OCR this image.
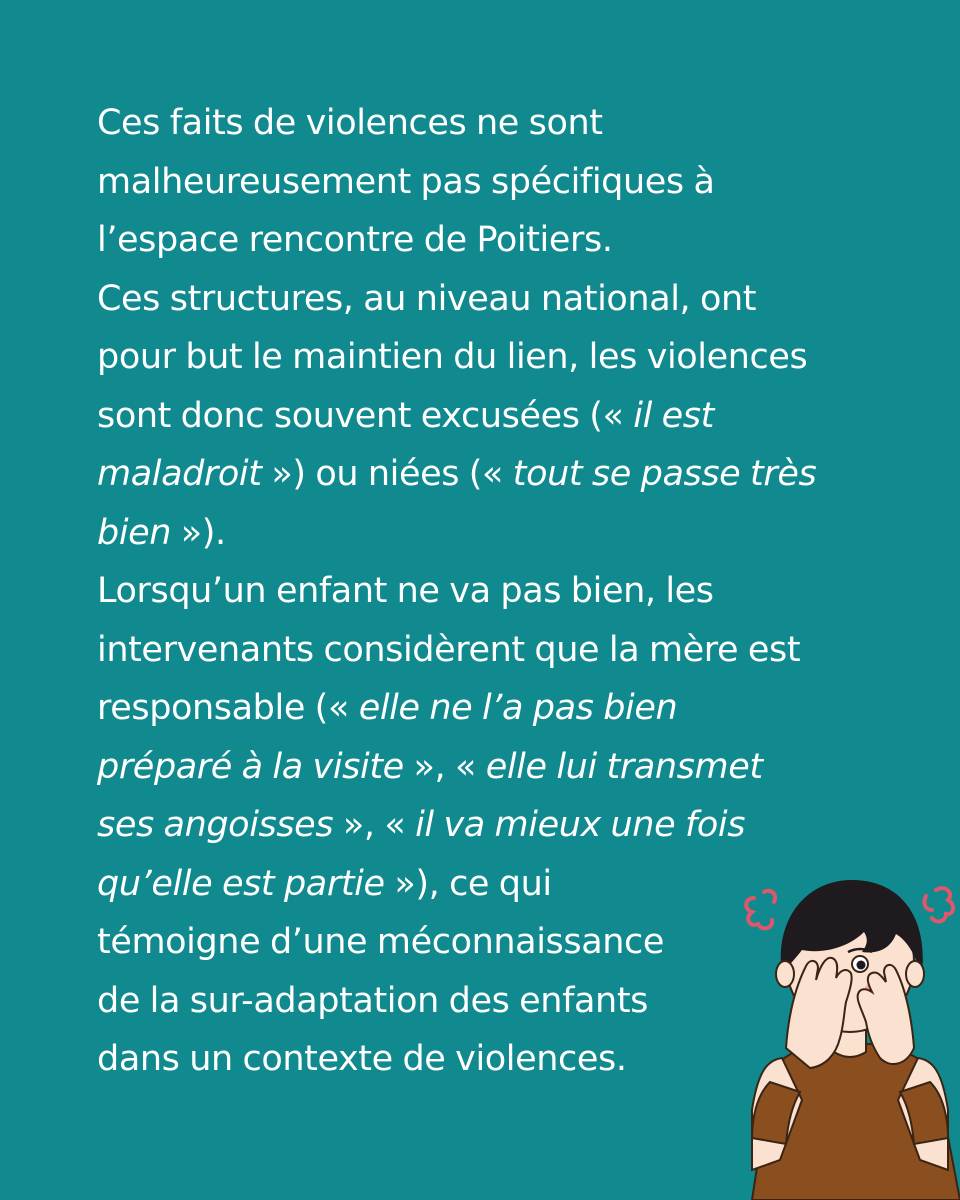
Ces faits de violences ne sont
malheureusement pas spécifiques à
l’espace rencontre de Poitiers.
Ces structures, au niveau national, ont
pour but le maintien du lien, les violences
sont donc souvent excusées (« il est
maladroit ») ou niées (« tout se passe très
bien »).
Lorsqu’un enfant ne va pas bien, les
intervenants considèrent que la mère est
responsable (« elle ne l’a pas bien
préparé à la visite », « elle lui transmet
ses angoisses », « il va mieux une fois
qu’elle est partie »), ce qui
témoigne d’une méconnaissance
de la sur-adaptation des enfants
dans un contexte de violences.
